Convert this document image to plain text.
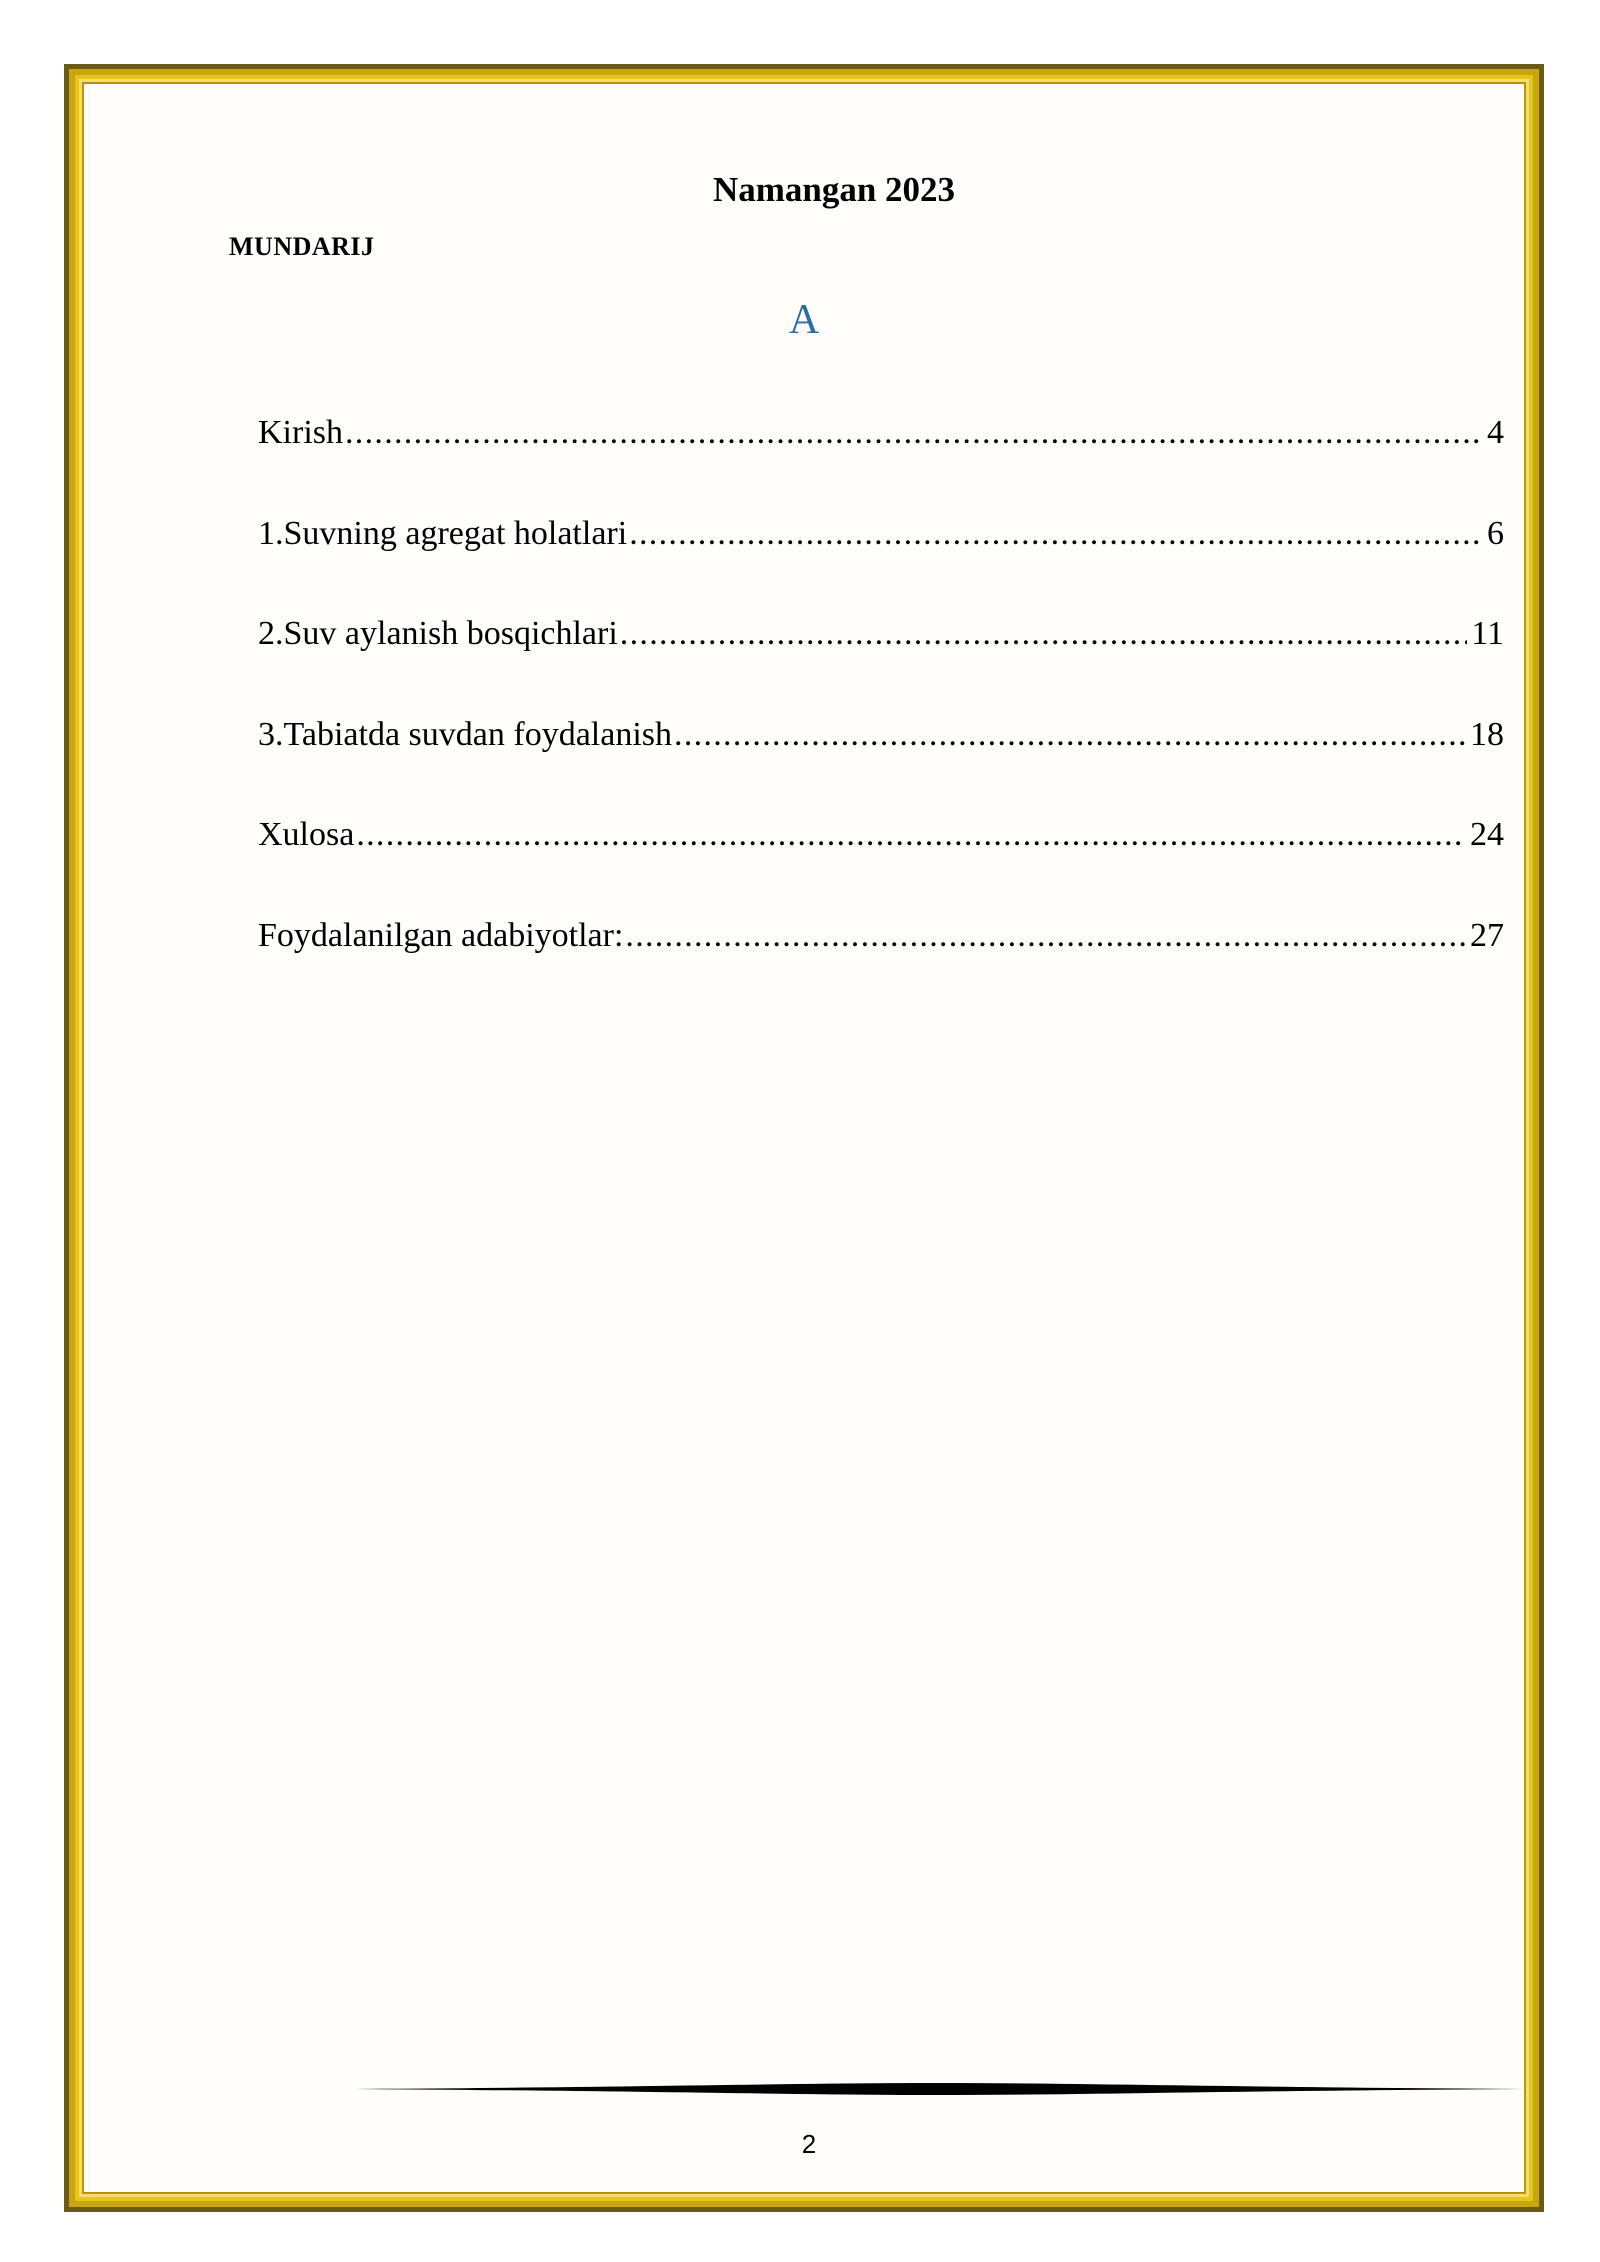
Namangan 2023
MUNDARIJ
A
Kirish .....	4
1.Suvning agregat holatlari .....	6
2.Suv aylanish bosqichlari .....	11
3.Tabiatda suvdan foydalanish .....	18
Xulosa .....	24
Foydalanilgan adabiyotlar: .....	27
2
